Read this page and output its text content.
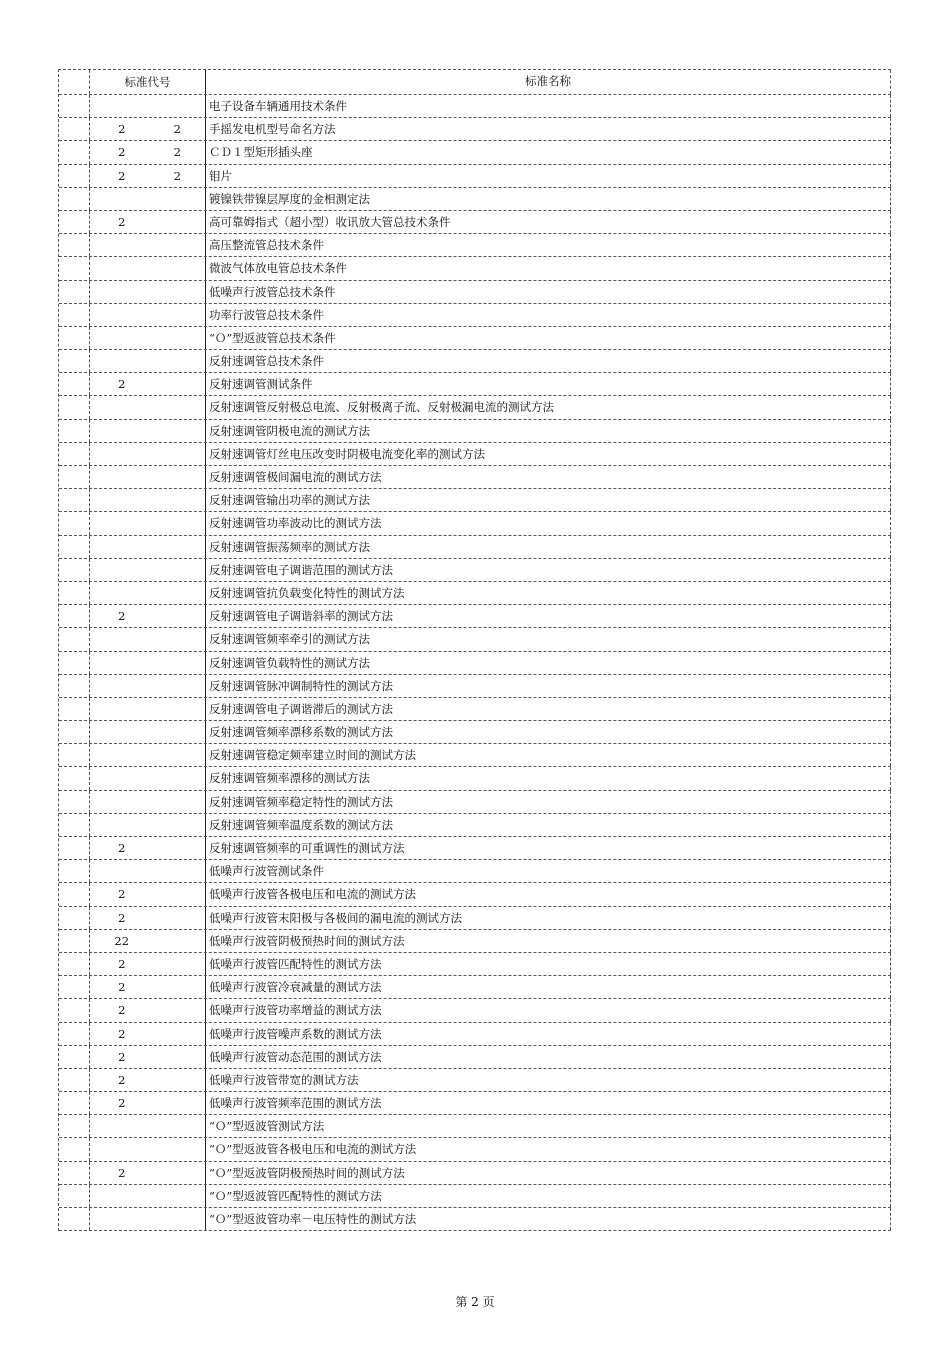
标准代号	标准名称
电子设备车辆通用技术条件
2	2	手摇发电机型号命名方法
2	2	ＣＤ１型矩形插头座
2	2	钼片
镀镍铁带镍层厚度的金相测定法
2	高可靠姆指式（超小型）收讯放大管总技术条件
高压整流管总技术条件
微波气体放电管总技术条件
低噪声行波管总技术条件
功率行波管总技术条件
“Ｏ”型返波管总技术条件
反射速调管总技术条件
2	反射速调管测试条件
反射速调管反射极总电流、反射极离子流、反射极漏电流的测试方法
反射速调管阴极电流的测试方法
反射速调管灯丝电压改变时阴极电流变化率的测试方法
反射速调管极间漏电流的测试方法
反射速调管输出功率的测试方法
反射速调管功率波动比的测试方法
反射速调管振荡频率的测试方法
反射速调管电子调谐范围的测试方法
反射速调管抗负载变化特性的测试方法
2	反射速调管电子调谐斜率的测试方法
反射速调管频率牵引的测试方法
反射速调管负载特性的测试方法
反射速调管脉冲调制特性的测试方法
反射速调管电子调谐滞后的测试方法
反射速调管频率漂移系数的测试方法
反射速调管稳定频率建立时间的测试方法
反射速调管频率漂移的测试方法
反射速调管频率稳定特性的测试方法
反射速调管频率温度系数的测试方法
2	反射速调管频率的可重调性的测试方法
低噪声行波管测试条件
2	低噪声行波管各极电压和电流的测试方法
2	低噪声行波管末阳极与各极间的漏电流的测试方法
22	低噪声行波管阴极预热时间的测试方法
2	低噪声行波管匹配特性的测试方法
2	低噪声行波管冷衰减量的测试方法
2	低噪声行波管功率增益的测试方法
2	低噪声行波管噪声系数的测试方法
2	低噪声行波管动态范围的测试方法
2	低噪声行波管带宽的测试方法
2	低噪声行波管频率范围的测试方法
“Ｏ”型返波管测试方法
“Ｏ”型返波管各极电压和电流的测试方法
2	“Ｏ”型返波管阴极预热时间的测试方法
“Ｏ”型返波管匹配特性的测试方法
“Ｏ”型返波管功率－电压特性的测试方法
第 2 页
